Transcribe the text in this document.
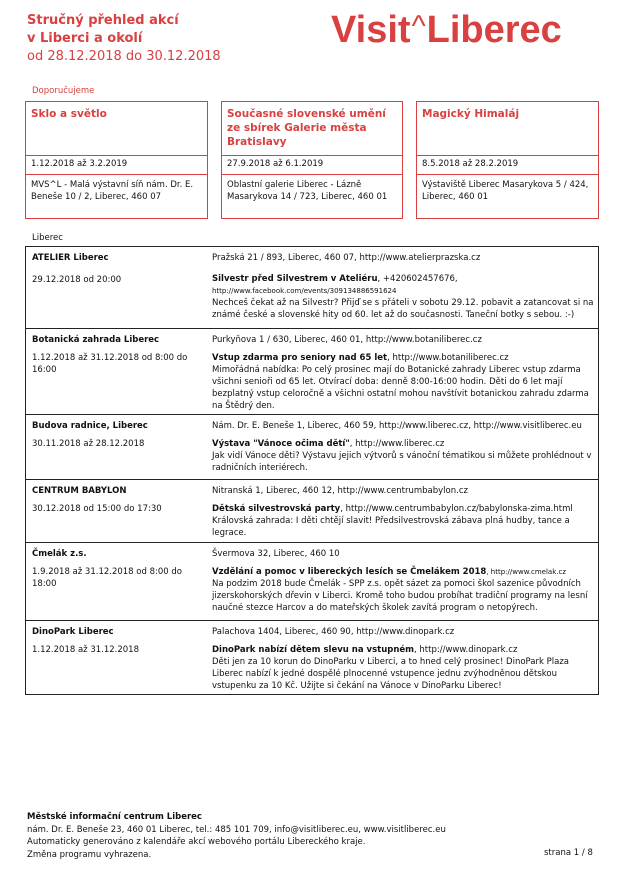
Stručný přehled akcí
v Liberci a okolí
od 28.12.2018 do 30.12.2018
Visit^Liberec
Doporučujeme
Sklo a světlo
1.12.2018 až 3.2.2019
MVS^L - Malá výstavní síň nám. Dr. E. Beneše 10 / 2, Liberec, 460 07
Současné slovenské umění ze sbírek Galerie města Bratislavy
27.9.2018 až 6.1.2019
Oblastní galerie Liberec - Lázně Masarykova 14 / 723, Liberec, 460 01
Magický Himaláj
8.5.2018 až 28.2.2019
Výstaviště Liberec Masarykova 5 / 424, Liberec, 460 01
Liberec
ATELIER Liberec
29.12.2018 od 20:00
Pražská 21 / 893, Liberec, 460 07, http://www.atelierprazska.cz
Silvestr před Silvestrem v Ateliéru, +420602457676,
http://www.facebook.com/events/309134886591624
Nechceš čekat až na Silvestr? Přijď se s přáteli v sobotu 29.12. pobavit a zatancovat si na známé české a slovenské hity od 60. let až do současnosti. Taneční botky s sebou. :-)
Botanická zahrada Liberec
1.12.2018 až 31.12.2018 od 8:00 do 16:00
Purkyňova 1 / 630, Liberec, 460 01, http://www.botaniliberec.cz
Vstup zdarma pro seniory nad 65 let, http://www.botaniliberec.cz
Mimořádná nabídka: Po celý prosinec mají do Botanické zahrady Liberec vstup zdarma všichni senioři od 65 let. Otvírací doba: denně 8:00-16:00 hodin. Děti do 6 let mají bezplatný vstup celoročně a všichni ostatní mohou navštívit botanickou zahradu zdarma na Štědrý den.
Budova radnice, Liberec
30.11.2018 až 28.12.2018
Nám. Dr. E. Beneše 1, Liberec, 460 59, http://www.liberec.cz, http://www.visitliberec.eu
Výstava "Vánoce očima dětí", http://www.liberec.cz
Jak vidí Vánoce děti? Výstavu jejich výtvorů s vánoční tématikou si můžete prohlédnout v radničních interiérech.
CENTRUM BABYLON
30.12.2018 od 15:00 do 17:30
Nitranská 1, Liberec, 460 12, http://www.centrumbabylon.cz
Dětská silvestrovská party, http://www.centrumbabylon.cz/babylonska-zima.html
Královská zahrada: I děti chtějí slavit! Předsilvestrovská zábava plná hudby, tance a legrace.
Čmelák z.s.
1.9.2018 až 31.12.2018 od 8:00 do 18:00
Švermova 32, Liberec, 460 10
Vzdělání a pomoc v libereckých lesích se Čmelákem 2018, http://www.cmelak.cz
Na podzim 2018 bude Čmelák - SPP z.s. opět sázet za pomoci škol sazenice původních jizerskohorských dřevin v Liberci. Kromě toho budou probíhat tradiční programy na lesní naučné stezce Harcov a do mateřských školek zavítá program o netopýrech.
DinoPark Liberec
1.12.2018 až 31.12.2018
Palachova 1404, Liberec, 460 90, http://www.dinopark.cz
DinoPark nabízí dětem slevu na vstupném, http://www.dinopark.cz
Děti jen za 10 korun do DinoParku v Liberci, a to hned celý prosinec! DinoPark Plaza Liberec nabízí k jedné dospělé plnocenné vstupence jednu zvýhodněnou dětskou vstupenku za 10 Kč. Užijte si čekání na Vánoce v DinoParku Liberec!
Městské informační centrum Liberec
nám. Dr. E. Beneše 23, 460 01 Liberec, tel.: 485 101 709, info@visitliberec.eu, www.visitliberec.eu
Automaticky generováno z kalendáře akcí webového portálu Libereckého kraje.
Změna programu vyhrazena.	strana 1 / 8
